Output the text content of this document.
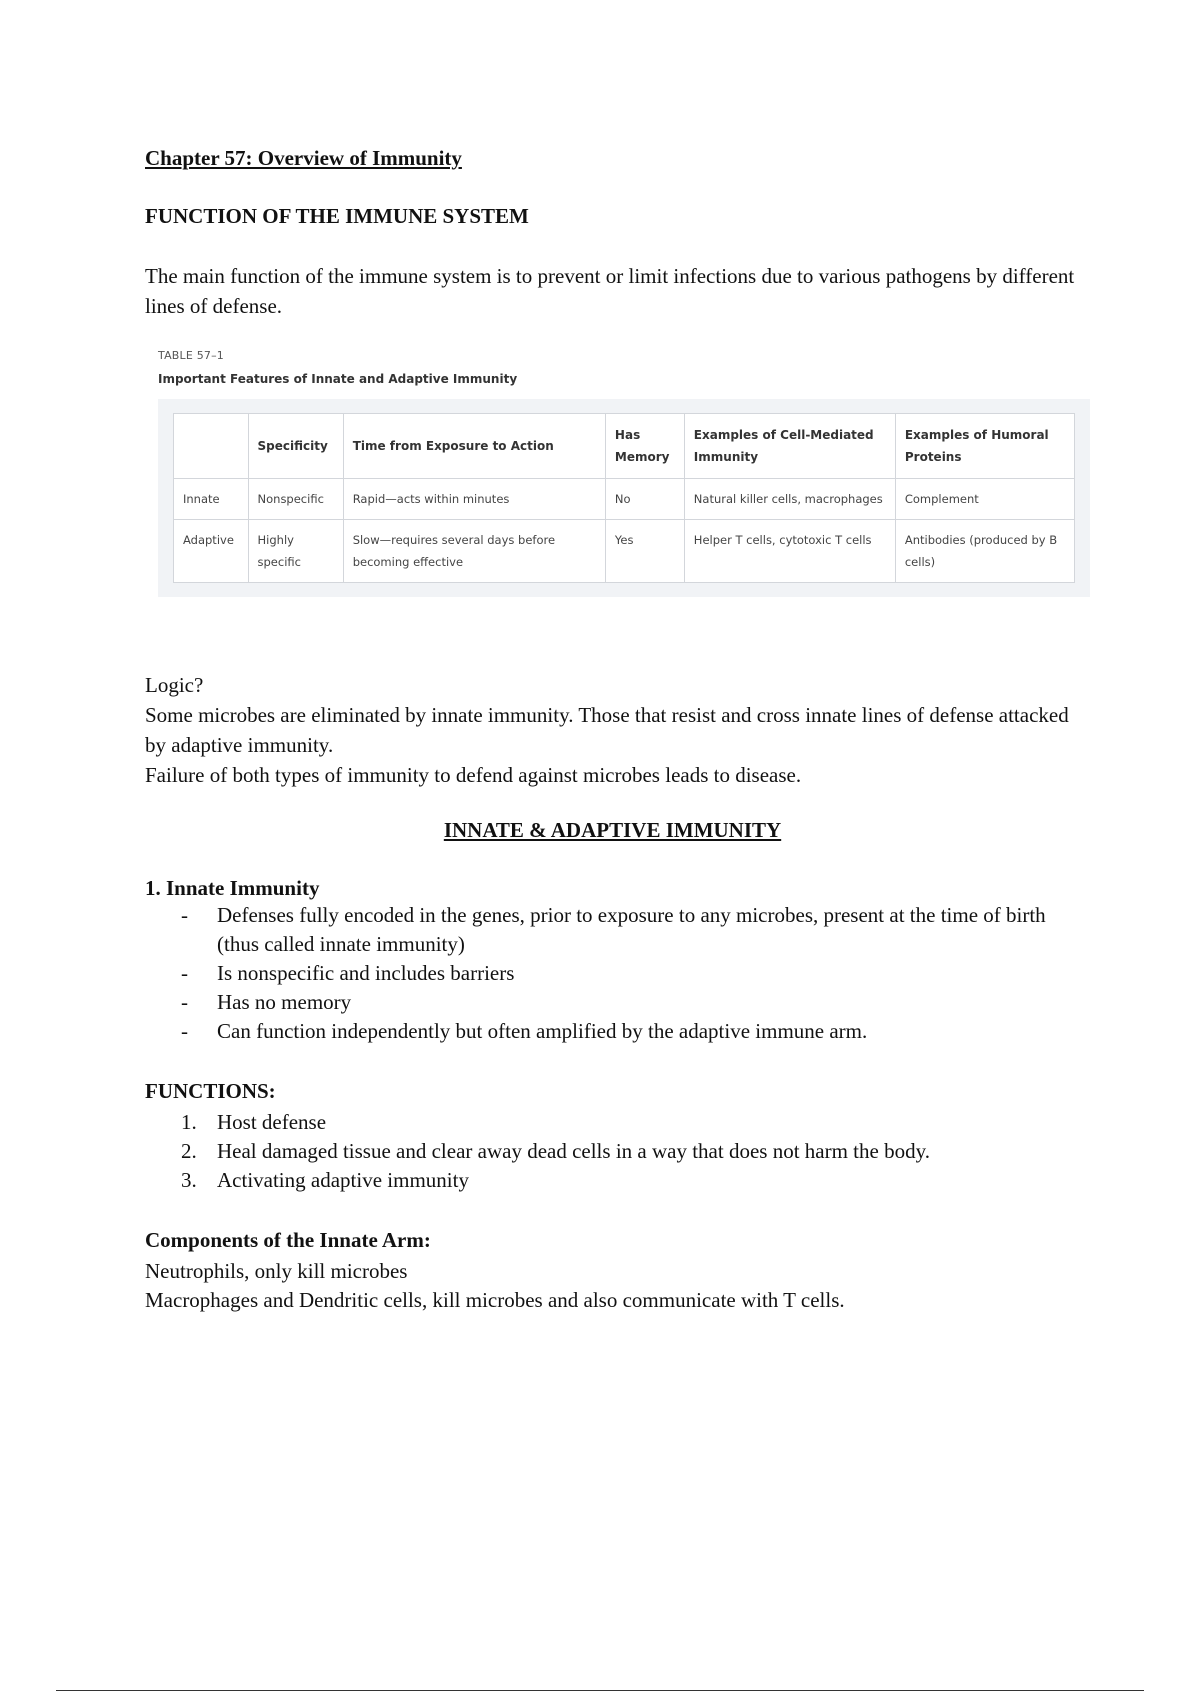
Chapter 57: Overview of Immunity
FUNCTION OF THE IMMUNE SYSTEM

The main function of the immune system is to prevent or limit infections due to various pathogens by different lines of defense.

TABLE 57–1

Important Features of Innate and Adaptive Immunity

	Specificity	Time from Exposure to Action	Has Memory	Examples of Cell-Mediated Immunity	Examples of Humoral Proteins
Innate	Nonspecific	Rapid—acts within minutes	No	Natural killer cells, macrophages	Complement
Adaptive	Highly specific	Slow—requires several days before becoming effective	Yes	Helper T cells, cytotoxic T cells	Antibodies (produced by B cells)

Logic?

Some microbes are eliminated by innate immunity. Those that resist and cross innate lines of defense attacked by adaptive immunity.

Failure of both types of immunity to defend against microbes leads to disease.

INNATE & ADAPTIVE IMMUNITY
1. Innate Immunity
- Defenses fully encoded in the genes, prior to exposure to any microbes, present at the time of birth (thus called innate immunity)
- Is nonspecific and includes barriers
- Has no memory
- Can function independently but often amplified by the adaptive immune arm.
FUNCTIONS:
1. Host defense
2. Heal damaged tissue and clear away dead cells in a way that does not harm the body.
3. Activating adaptive immunity
Components of the Innate Arm:

Neutrophils, only kill microbes

Macrophages and Dendritic cells, kill microbes and also communicate with T cells.
